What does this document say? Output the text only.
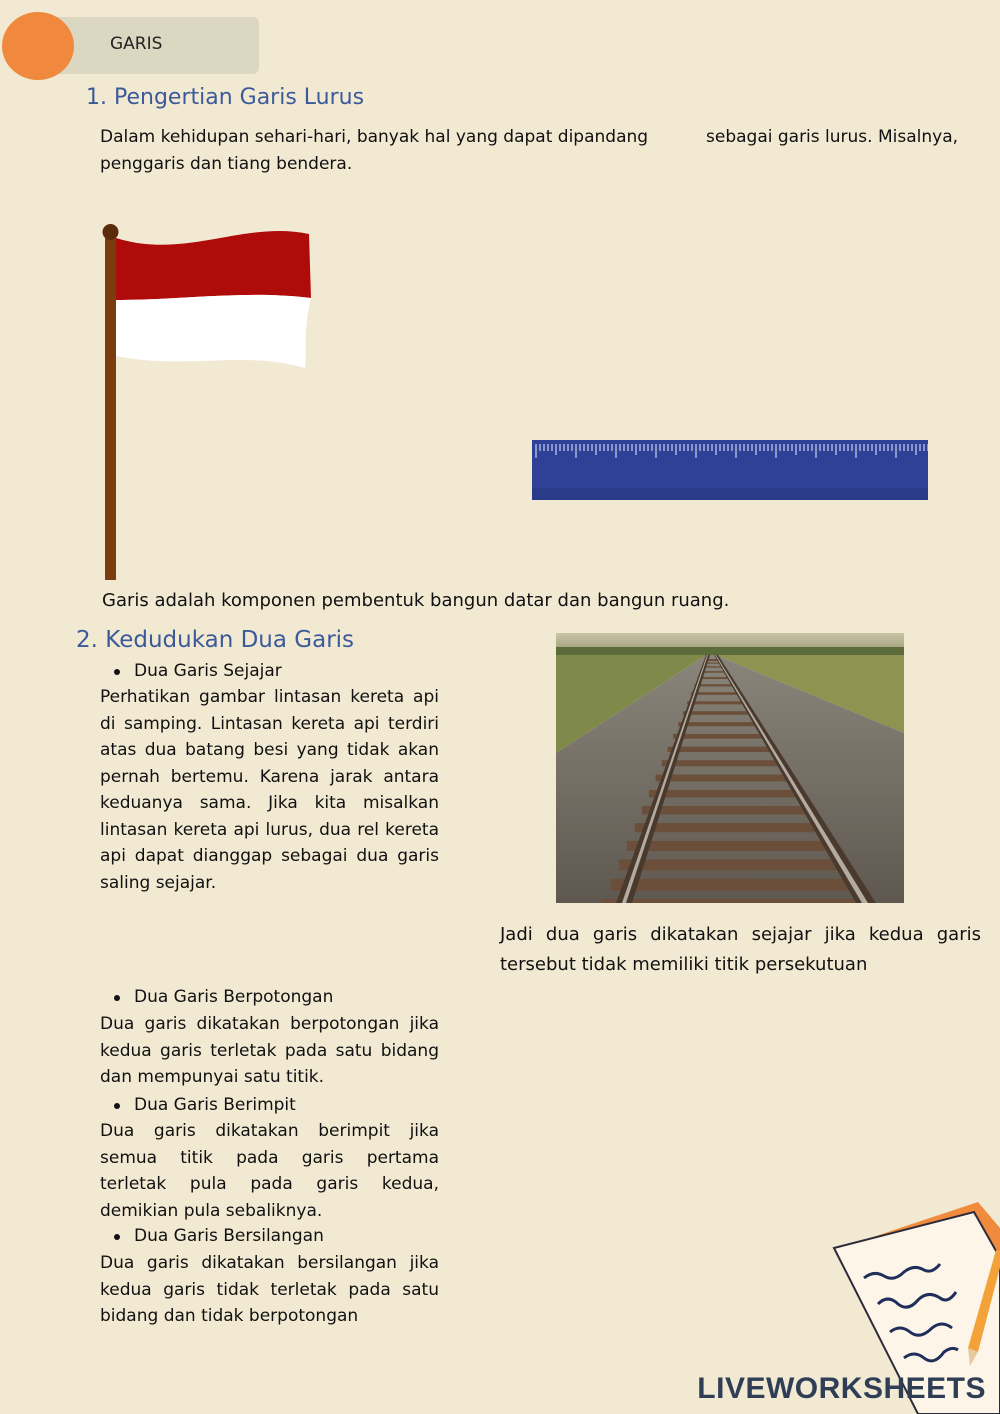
GARIS
1. Pengertian Garis Lurus
Dalam kehidupan sehari-hari, banyak hal yang dapat dipandang	sebagai garis lurus. Misalnya,
penggaris dan tiang bendera.
Garis adalah komponen pembentuk bangun datar dan bangun ruang.
2. Kedudukan Dua Garis
Dua Garis Sejajar
Perhatikan gambar lintasan kereta api di samping. Lintasan kereta api terdiri atas dua batang besi yang tidak akan pernah bertemu. Karena jarak antara keduanya sama. Jika kita misalkan lintasan kereta api lurus, dua rel kereta api dapat dianggap sebagai dua garis saling sejajar.
Jadi dua garis dikatakan sejajar jika kedua garis tersebut tidak memiliki titik persekutuan
Dua Garis Berpotongan
Dua garis dikatakan berpotongan jika kedua garis terletak pada satu bidang dan mempunyai satu titik.
Dua Garis Berimpit
Dua garis dikatakan berimpit jika semua titik pada garis pertama terletak pula pada garis kedua, demikian pula sebaliknya.
Dua Garis Bersilangan
Dua garis dikatakan bersilangan jika kedua garis tidak terletak pada satu bidang dan tidak berpotongan
LIVEWORKSHEETS
